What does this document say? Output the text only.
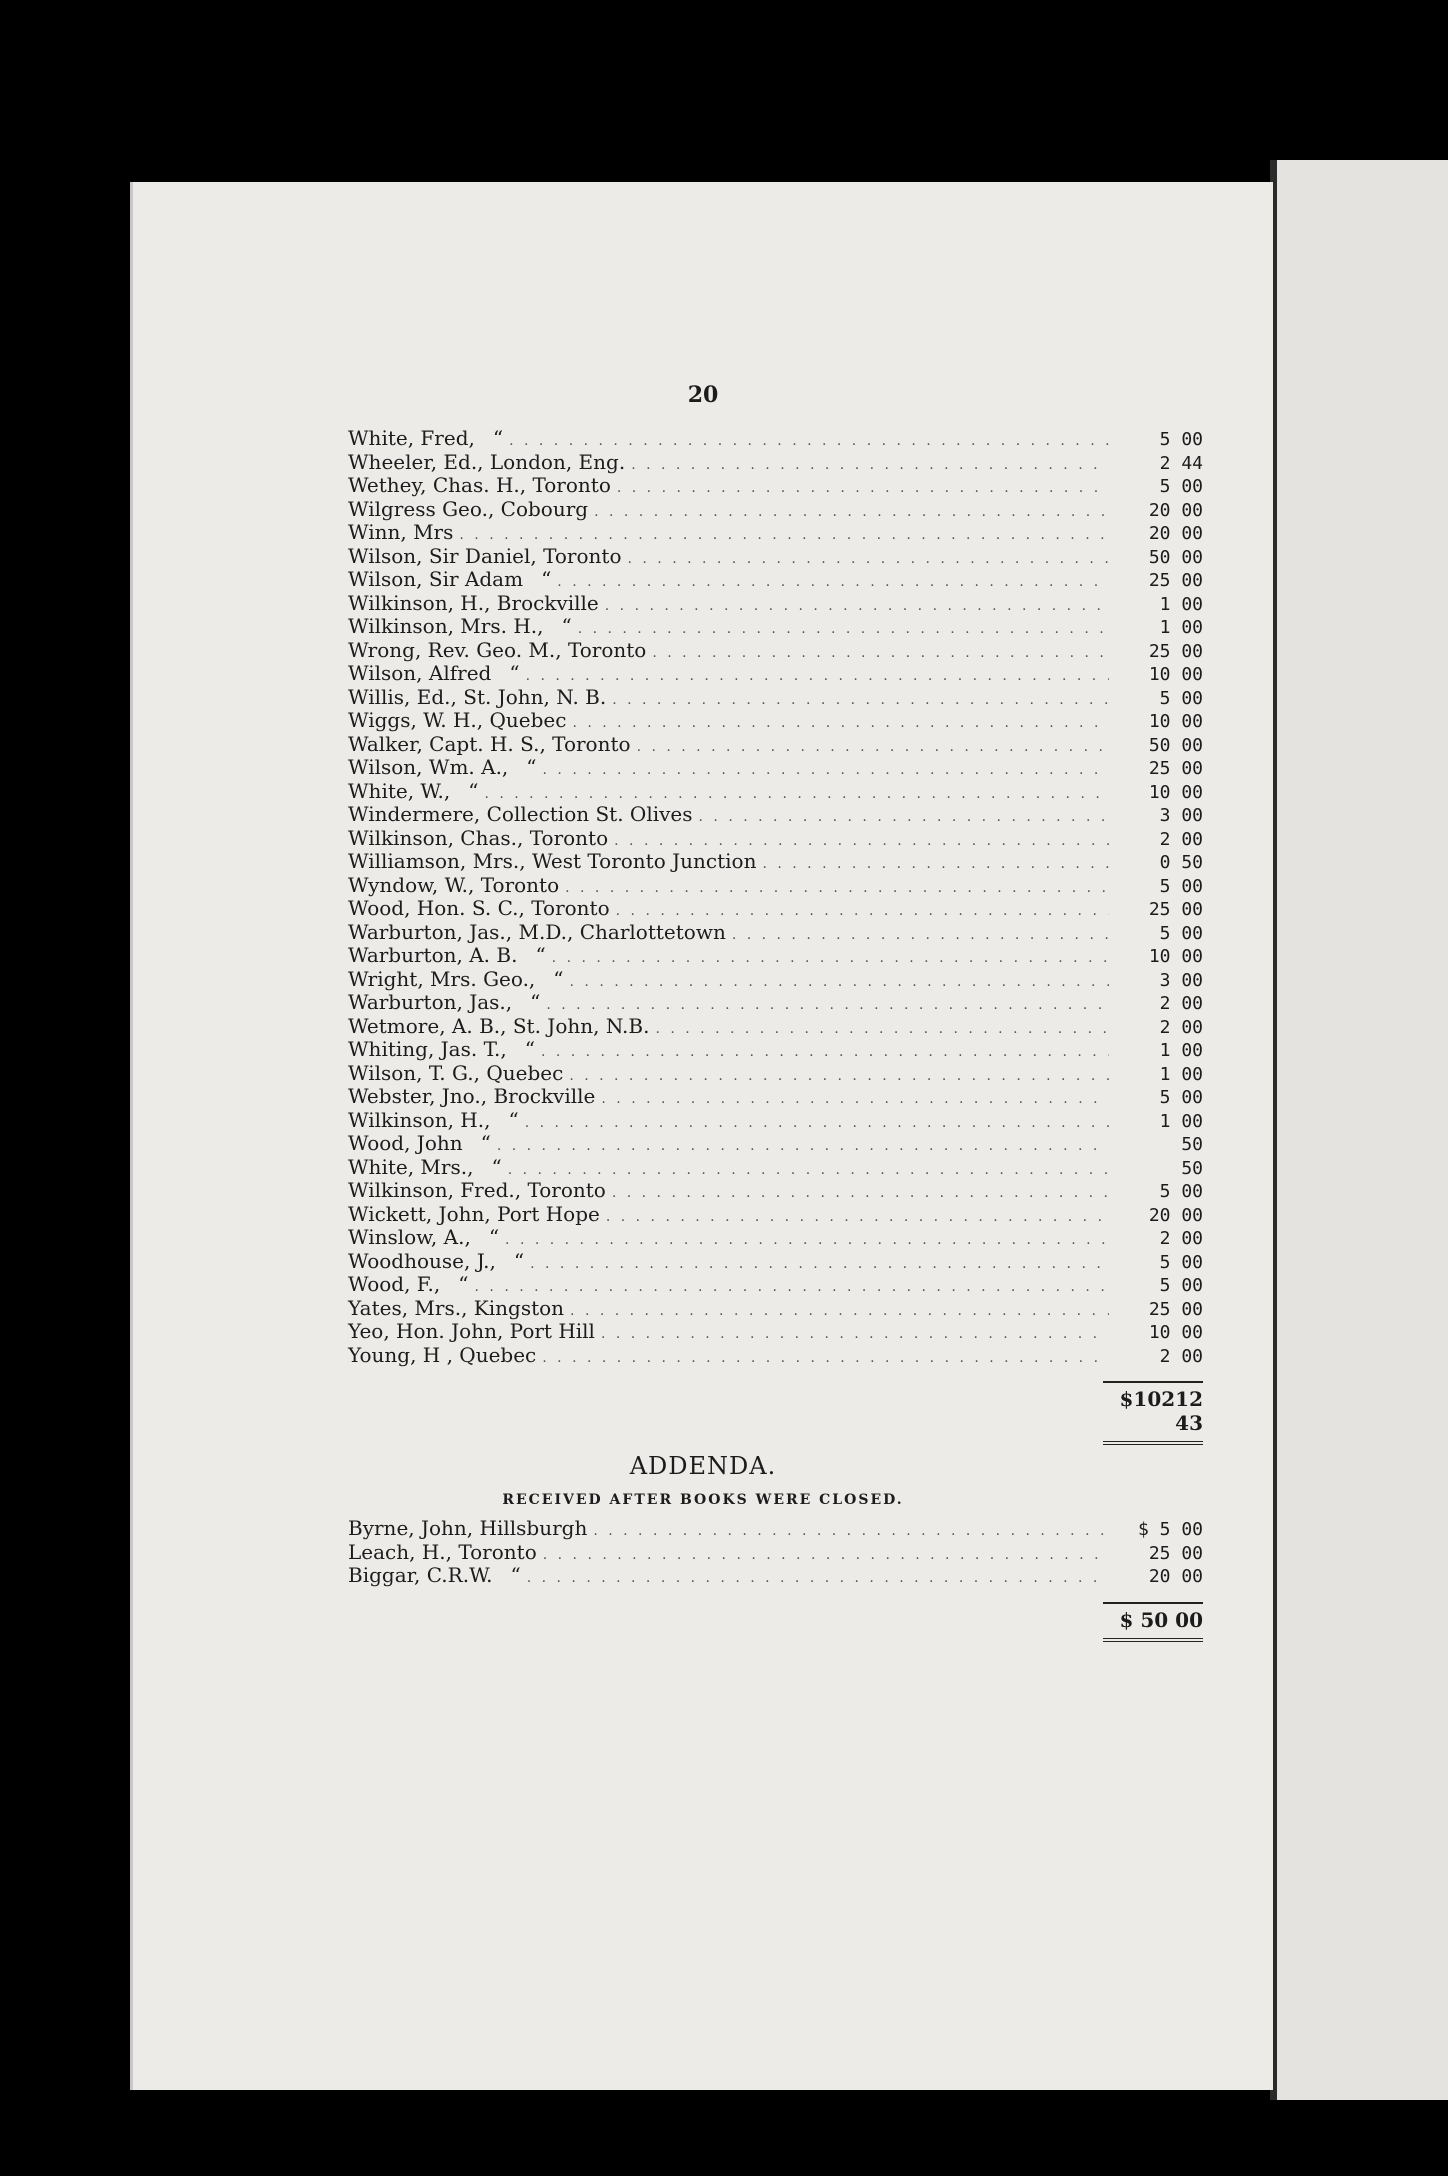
20
White, Fred, “ . . .	5 00
Wheeler, Ed., London, Eng. . . .	2 44
Wethey, Chas. H., Toronto . . .	5 00
Wilgress Geo., Cobourg . . .	20 00
Winn, Mrs . . .	20 00
Wilson, Sir Daniel, Toronto . . .	50 00
Wilson, Sir Adam “ . . .	25 00
Wilkinson, H., Brockville . . .	1 00
Wilkinson, Mrs. H., “ . . .	1 00
Wrong, Rev. Geo. M., Toronto . . .	25 00
Wilson, Alfred “ . . .	10 00
Willis, Ed., St. John, N. B. . . .	5 00
Wiggs, W. H., Quebec . . .	10 00
Walker, Capt. H. S., Toronto . . .	50 00
Wilson, Wm. A., “ . . .	25 00
White, W., “ . . .	10 00
Windermere, Collection St. Olives . . .	3 00
Wilkinson, Chas., Toronto . . .	2 00
Williamson, Mrs., West Toronto Junction . . .	0 50
Wyndow, W., Toronto . . .	5 00
Wood, Hon. S. C., Toronto . . .	25 00
Warburton, Jas., M.D., Charlottetown . . .	5 00
Warburton, A. B. “ . . .	10 00
Wright, Mrs. Geo., “ . . .	3 00
Warburton, Jas., “ . . .	2 00
Wetmore, A. B., St. John, N.B. . . .	2 00
Whiting, Jas. T., “ . . .	1 00
Wilson, T. G., Quebec . . .	1 00
Webster, Jno., Brockville . . .	5 00
Wilkinson, H., “ . . .	1 00
Wood, John “ . . .	50
White, Mrs., “ . . .	50
Wilkinson, Fred., Toronto . . .	5 00
Wickett, John, Port Hope . . .	20 00
Winslow, A., “ . . .	2 00
Woodhouse, J., “ . . .	5 00
Wood, F., “ . . .	5 00
Yates, Mrs., Kingston . . .	25 00
Yeo, Hon. John, Port Hill . . .	10 00
Young, H , Quebec . . .	2 00
$10212 43
ADDENDA.
RECEIVED AFTER BOOKS WERE CLOSED.
Byrne, John, Hillsburgh . . .	$ 5 00
Leach, H., Toronto . . .	25 00
Biggar, C.R.W. “ . . .	20 00
$ 50 00
